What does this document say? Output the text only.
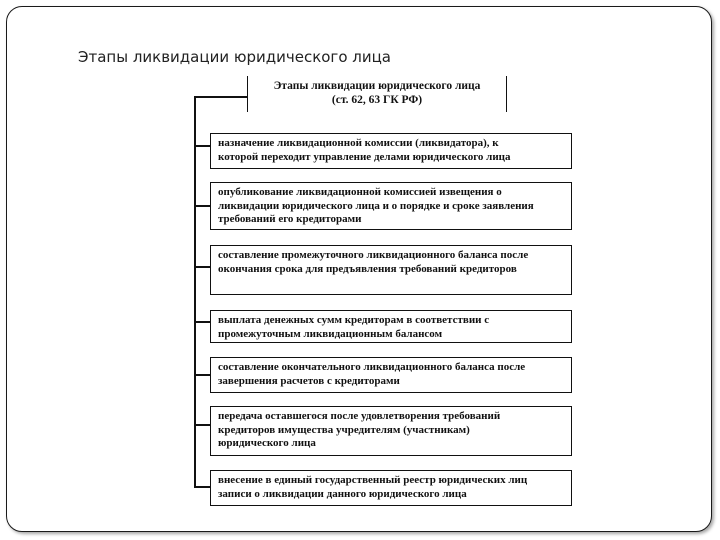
Этапы ликвидации юридического лица
Этапы ликвидации юридического лица
(ст. 62, 63 ГК РФ)
назначение ликвидационной комиссии (ликвидатора), к
которой переходит управление делами юридического лица
опубликование ликвидационной комиссией извещения о
ликвидации юридического лица и о порядке и сроке заявления
требований его кредиторами
составление промежуточного ликвидационного баланса после
окончания срока для предъявления требований кредиторов
выплата денежных сумм кредиторам в соответствии с
промежуточным ликвидационным балансом
составление окончательного ликвидационного баланса после
завершения расчетов с кредиторами
передача оставшегося после удовлетворения требований
кредиторов имущества учредителям (участникам)
юридического лица
внесение в единый государственный реестр юридических лиц
записи о ликвидации данного юридического лица
